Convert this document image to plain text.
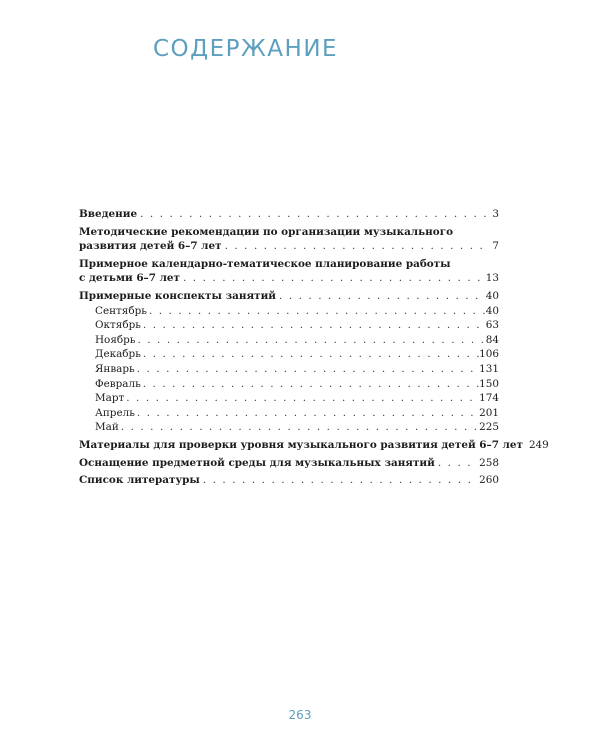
СОДЕРЖАНИЕ
Введение . . .	3
Методические рекомендации по организации музыкального
развития детей 6–7 лет . . .	7
Примерное календарно-тематическое планирование работы
с детьми 6–7 лет . . .	13
Примерные конспекты занятий . . .	40
Сентябрь . . .	40
Октябрь . . .	63
Ноябрь . . .	84
Декабрь . . .	106
Январь . . .	131
Февраль . . .	150
Март . . .	174
Апрель . . .	201
Май . . .	225
Материалы для проверки уровня музыкального развития детей 6–7 лет 249
Оснащение предметной среды для музыкальных занятий . . .	258
Список литературы . . .	260
263
